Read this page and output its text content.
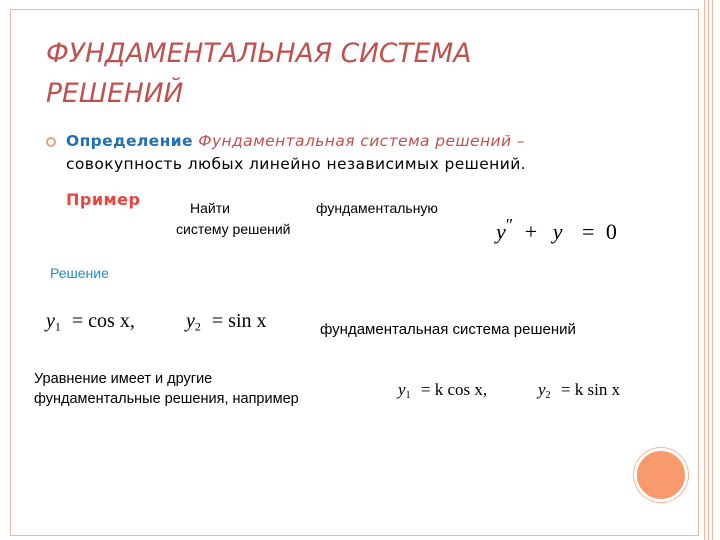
ФУНДАМЕНТАЛЬНАЯ СИСТЕМА
РЕШЕНИЙ
Определение Фундаментальная система решений – совокупность любых линейно независимых решений.
Пример	Найти	фундаментальную
систему решений	y″ + y = 0
Решение
$y_1 = \cos x$,	$y_2 = \sin x$	фундаментальная система решений
Уравнение имеет и другие
фундаментальные решения, например	$y_1 = k$ cos x,	$y_2 = k$ sin x
